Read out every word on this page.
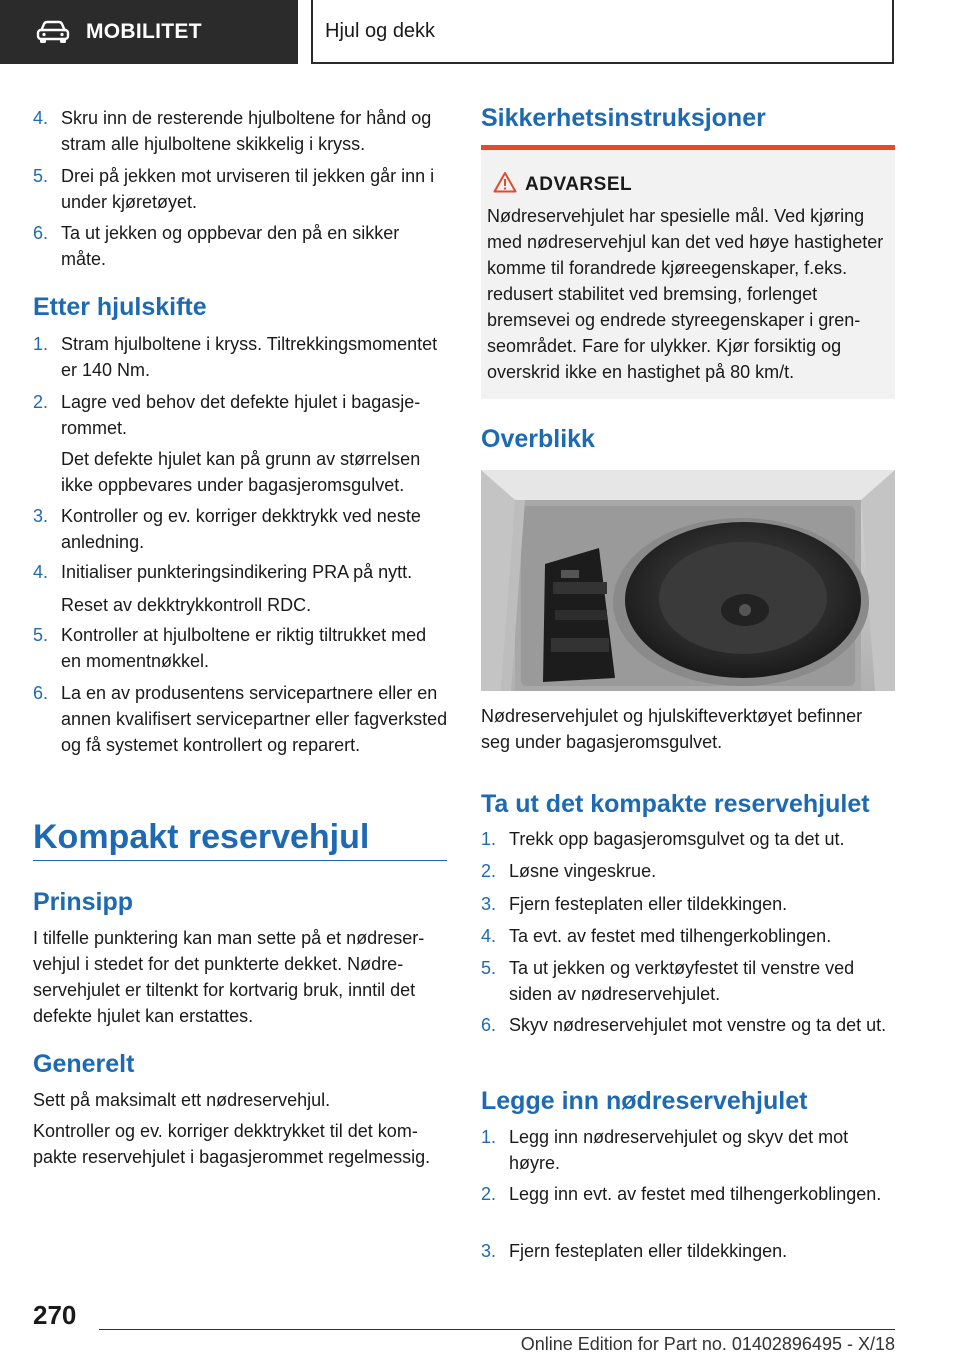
MOBILITET	Hjul og dekk
4. Skru inn de resterende hjulboltene for hånd og stram alle hjulboltene skikkelig i kryss.
5. Drei på jekken mot urviseren til jekken går inn i under kjøretøyet.
6. Ta ut jekken og oppbevar den på en sikker måte.
Etter hjulskifte
1. Stram hjulboltene i kryss. Tiltrekkingsmomentet er 140 Nm.
2. Lagre ved behov det defekte hjulet i bagasjerommet.
Det defekte hjulet kan på grunn av størrelsen ikke oppbevares under bagasjeromsgulvet.
3. Kontroller og ev. korriger dekktrykk ved neste anledning.
4. Initialiser punkteringsindikering PRA på nytt.
Reset av dekktrykkontroll RDC.
5. Kontroller at hjulboltene er riktig tiltrukket med en momentnøkkel.
6. La en av produsentens servicepartnere eller en annen kvalifisert servicepartner eller fagverksted og få systemet kontrollert og reparert.
Kompakt reservehjul
Prinsipp

I tilfelle punktering kan man sette på et nødreservehjul i stedet for det punkterte dekket. Nødreservehjulet er tiltenkt for kortvarig bruk, inntil det defekte hjulet kan erstattes.

Generelt

Sett på maksimalt ett nødreservehjul.

Kontroller og ev. korriger dekktrykket til det kompakte reservehjulet i bagasjerommet regelmessig.

Sikkerhetsinstruksjoner
ADVARSEL
Nødreservehjulet har spesielle mål. Ved kjøring med nødreservehjul kan det ved høye hastigheter komme til forandrede kjøreegenskaper, f.eks. redusert stabilitet ved bremsing, forlenget bremsevei og endrede styreegenskaper i grenseområdet. Fare for ulykker. Kjør forsiktig og overskrid ikke en hastighet på 80 km/t.
Overblikk

Nødreservehjulet og hjulskifteverktøyet befinner seg under bagasjeromsgulvet.

Ta ut det kompakte reservehjulet
1. Trekk opp bagasjeromsgulvet og ta det ut.
2. Løsne vingeskrue.
3. Fjern festeplaten eller tildekkingen.
4. Ta evt. av festet med tilhengerkoblingen.
5. Ta ut jekken og verktøyfestet til venstre ved siden av nødreservehjulet.
6. Skyv nødreservehjulet mot venstre og ta det ut.
Legge inn nødreservehjulet
1. Legg inn nødreservehjulet og skyv det mot høyre.
2. Legg inn evt. av festet med tilhengerkoblingen.
3. Fjern festeplaten eller tildekkingen.
270
Online Edition for Part no. 01402896495 - X/18
